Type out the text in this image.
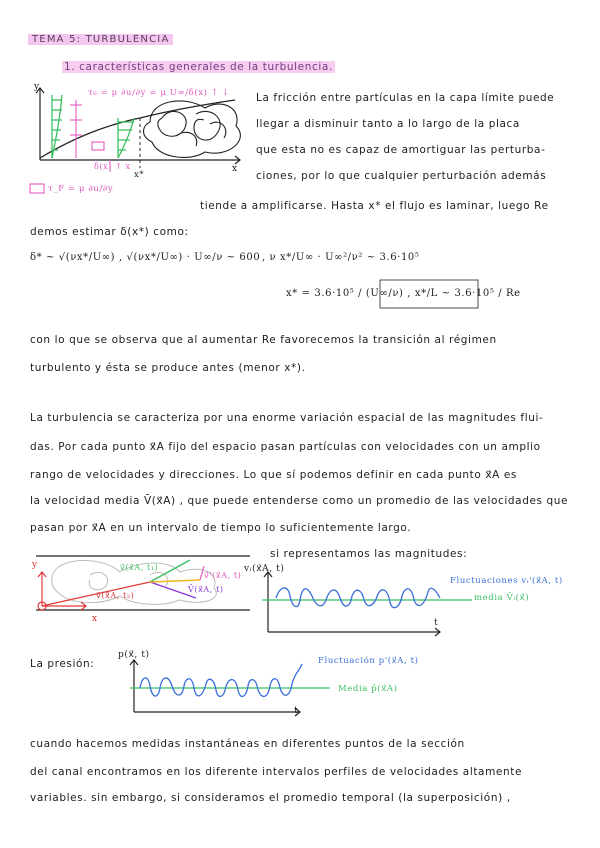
TEMA 5: TURBULENCIA
1. características generales de la turbulencia.
y
x
τ₀ = μ ∂u/∂y = μ U∞/δ(x) ↑ ↓
τ_F = μ ∂u/∂y
δ(x) ↑ x
x*
La fricción entre partículas en la capa límite puede
llegar a disminuir tanto a lo largo de la placa
que esta no es capaz de amortiguar las perturba-
ciones, por lo que cualquier perturbación además
tiende a amplificarse. Hasta x* el flujo es laminar, luego Re
demos estimar δ(x*) como:
δ* ~ √(νx*/U∞) , √(νx*/U∞) · U∞/ν ~ 600 , ν x*/U∞ · U∞²/ν² ~ 3.6·10⁵
x* = 3.6·10⁵ / (U∞/ν) , x*/L ~ 3.6·10⁵ / Re
con lo que se observa que al aumentar Re favorecemos la transición al régimen
turbulento y ésta se produce antes (menor x*).
La turbulencia se caracteriza por una enorme variación espacial de las magnitudes flui-
das. Por cada punto x⃗A fijo del espacio pasan partículas con velocidades con un amplio
rango de velocidades y direcciones. Lo que sí podemos definir en cada punto x⃗A es
la velocidad media V̄(x⃗A) , que puede entenderse como un promedio de las velocidades que
pasan por x⃗A en un intervalo de tiempo lo suficientemente largo.
v⃗(x⃗A, t₁)
v⃗'(x⃗A, t)
v⃗(x⃗A, t₂)
V̄(x⃗A, t)
y
x
si representamos las magnitudes:
vᵢ(x⃗A, t)
t
Fluctuaciones vᵢ'(x⃗A, t)
media V̄ᵢ(x⃗)
La presión:
p(x⃗, t)
t
Fluctuación p'(x⃗A, t)
Media p̄(x⃗A)
cuando hacemos medidas instantáneas en diferentes puntos de la sección
del canal encontramos en los diferente intervalos perfiles de velocidades altamente
variables. sin embargo, si consideramos el promedio temporal (la superposición) ,
